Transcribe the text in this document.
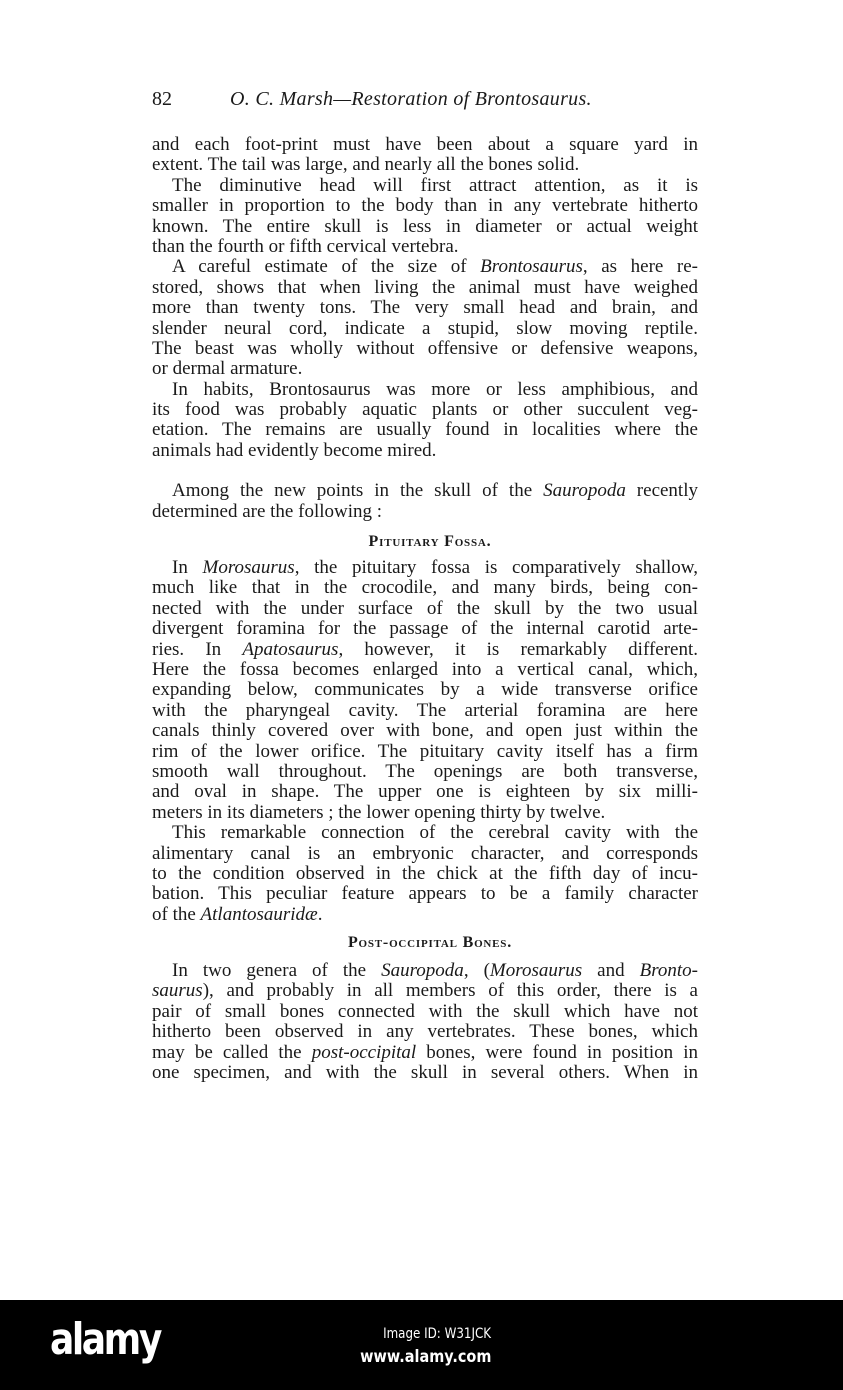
82	O. C. Marsh—Restoration of Brontosaurus.

and each foot-print must have been about a square yard in
extent. The tail was large, and nearly all the bones solid.

The diminutive head will first attract attention, as it is
smaller in proportion to the body than in any vertebrate hitherto
known. The entire skull is less in diameter or actual weight
than the fourth or fifth cervical vertebra.

A careful estimate of the size of Brontosaurus, as here re-
stored, shows that when living the animal must have weighed
more than twenty tons. The very small head and brain, and
slender neural cord, indicate a stupid, slow moving reptile.
The beast was wholly without offensive or defensive weapons,
or dermal armature.

In habits, Brontosaurus was more or less amphibious, and
its food was probably aquatic plants or other succulent veg-
etation. The remains are usually found in localities where the
animals had evidently become mired.

Among the new points in the skull of the Sauropoda recently
determined are the following :

Pituitary Fossa.

In Morosaurus, the pituitary fossa is comparatively shallow,
much like that in the crocodile, and many birds, being con-
nected with the under surface of the skull by the two usual
divergent foramina for the passage of the internal carotid arte-
ries. In Apatosaurus, however, it is remarkably different.
Here the fossa becomes enlarged into a vertical canal, which,
expanding below, communicates by a wide transverse orifice
with the pharyngeal cavity. The arterial foramina are here
canals thinly covered over with bone, and open just within the
rim of the lower orifice. The pituitary cavity itself has a firm
smooth wall throughout. The openings are both transverse,
and oval in shape. The upper one is eighteen by six milli-
meters in its diameters ; the lower opening thirty by twelve.

This remarkable connection of the cerebral cavity with the
alimentary canal is an embryonic character, and corresponds
to the condition observed in the chick at the fifth day of incu-
bation. This peculiar feature appears to be a family character
of the Atlantosauridæ.

Post-occipital Bones.

In two genera of the Sauropoda, (Morosaurus and Bronto-
saurus), and probably in all members of this order, there is a
pair of small bones connected with the skull which have not
hitherto been observed in any vertebrates. These bones, which
may be called the post-occipital bones, were found in position in
one specimen, and with the skull in several others. When in

alamy	Image ID: W31JCK
www.alamy.com
